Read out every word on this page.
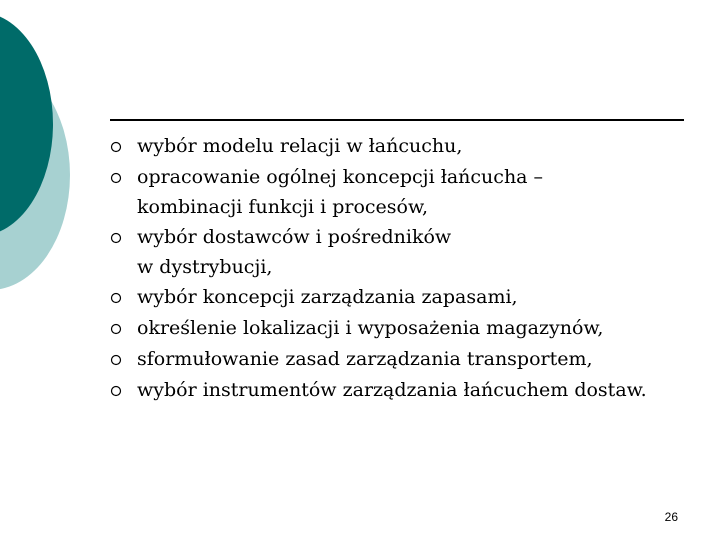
wybór modelu relacji w łańcuchu,
opracowanie ogólnej koncepcji łańcucha –
kombinacji funkcji i procesów,
wybór dostawców i pośredników
w dystrybucji,
wybór koncepcji zarządzania zapasami,
określenie lokalizacji i wyposażenia magazynów,
sformułowanie zasad zarządzania transportem,
wybór instrumentów zarządzania łańcuchem dostaw.
26
